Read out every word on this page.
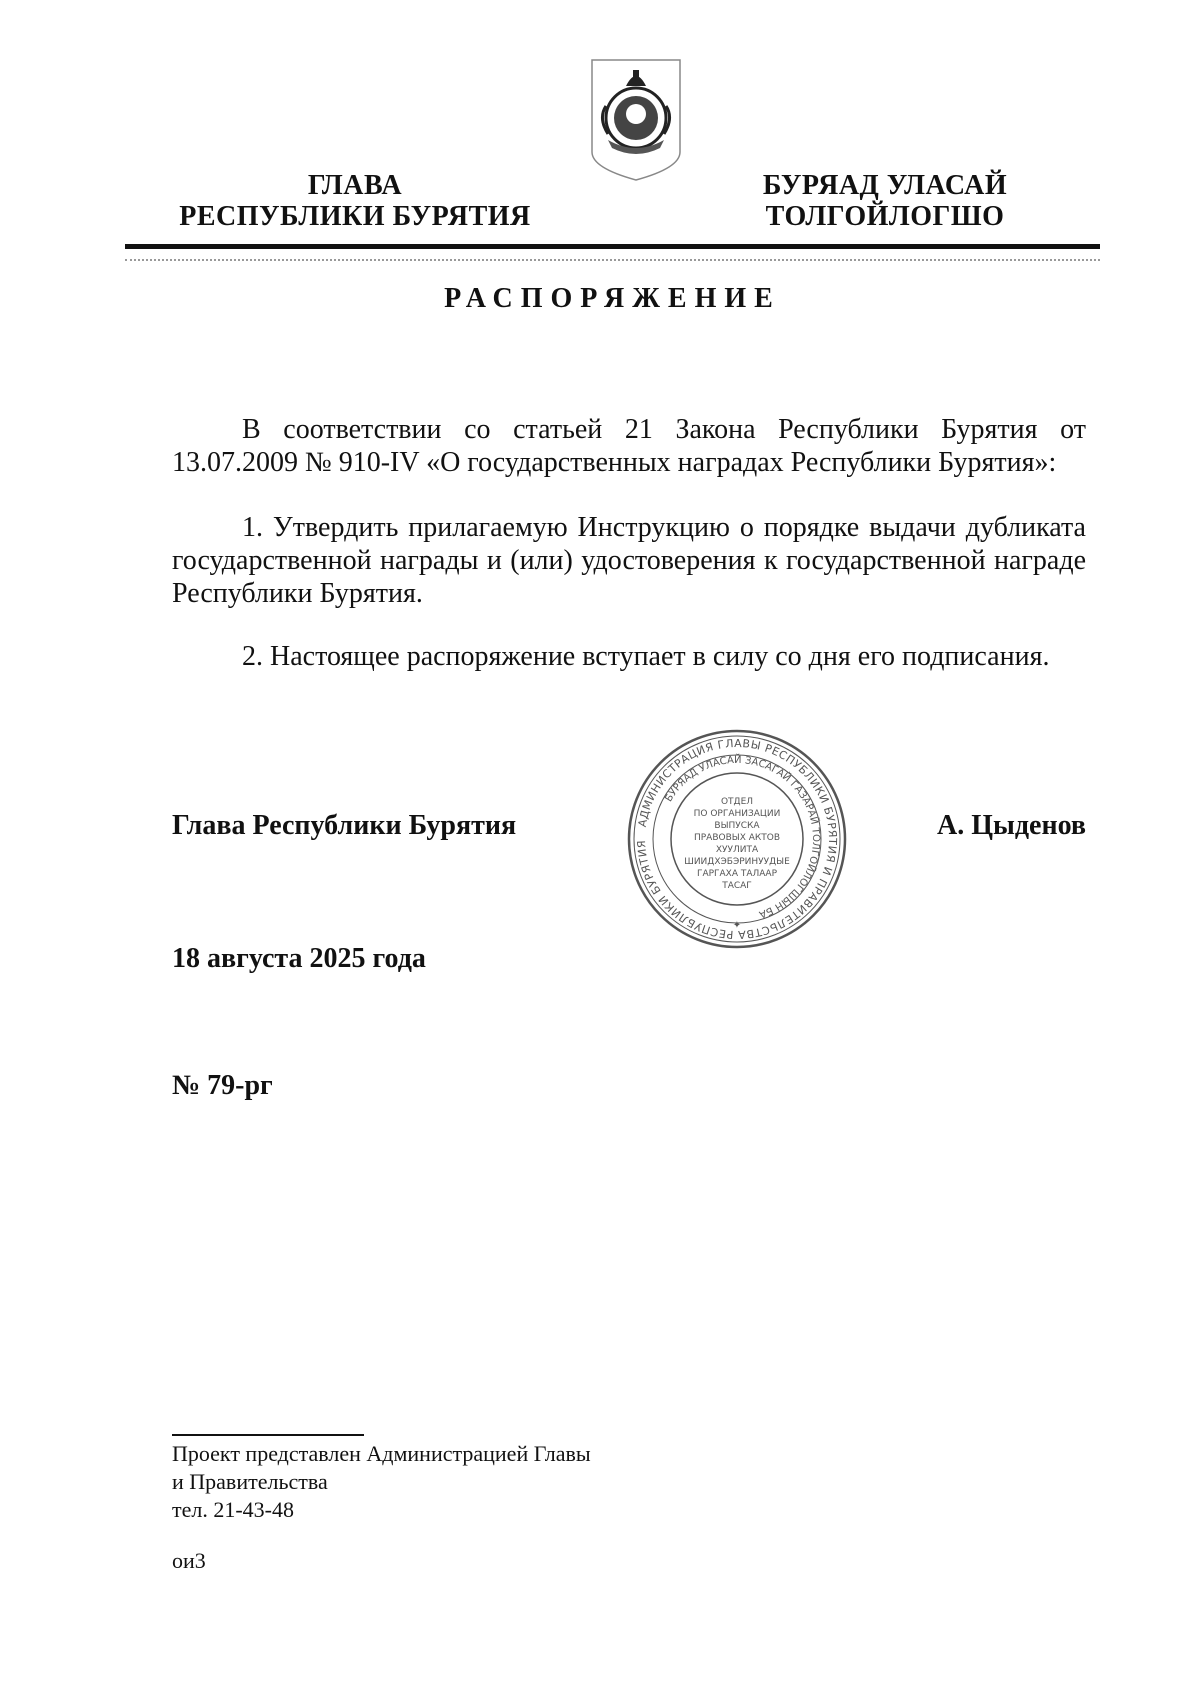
ГЛАВА
РЕСПУБЛИКИ БУРЯТИЯ
БУРЯАД УЛАСАЙ
ТОЛГОЙЛОГШО
РАСПОРЯЖЕНИЕ
В соответствии со статьей 21 Закона Республики Бурятия от 13.07.2009 № 910-IV «О государственных наградах Республики Бурятия»:
1. Утвердить прилагаемую Инструкцию о порядке выдачи дубликата государственной награды и (или) удостоверения к государственной награде Республики Бурятия.
2. Настоящее распоряжение вступает в силу со дня его подписания.
Глава Республики Бурятия	А. Цыденов
АДМИНИСТРАЦИЯ ГЛАВЫ РЕСПУБЛИКИ БУРЯТИЯ И ПРАВИТЕЛЬСТВА РЕСПУБЛИКИ БУРЯТИЯ
БУРЯАД УЛАСАЙ ЗАСАГАЙ ГАЗАРАЙ ТОЛГОЙЛОГШЫН БА
ОТДЕЛ
ПО ОРГАНИЗАЦИИ
ВЫПУСКА
ПРАВОВЫХ АКТОВ
ХУУЛИТА
ШИИДХЭБЭРИНУУДЫЕ
ГАРГАХА ТАЛААР
ТАСАГ
✦
18 августа 2025 года
№ 79-рг
Проект представлен Администрацией Главы
и Правительства
тел. 21-43-48
ои3
